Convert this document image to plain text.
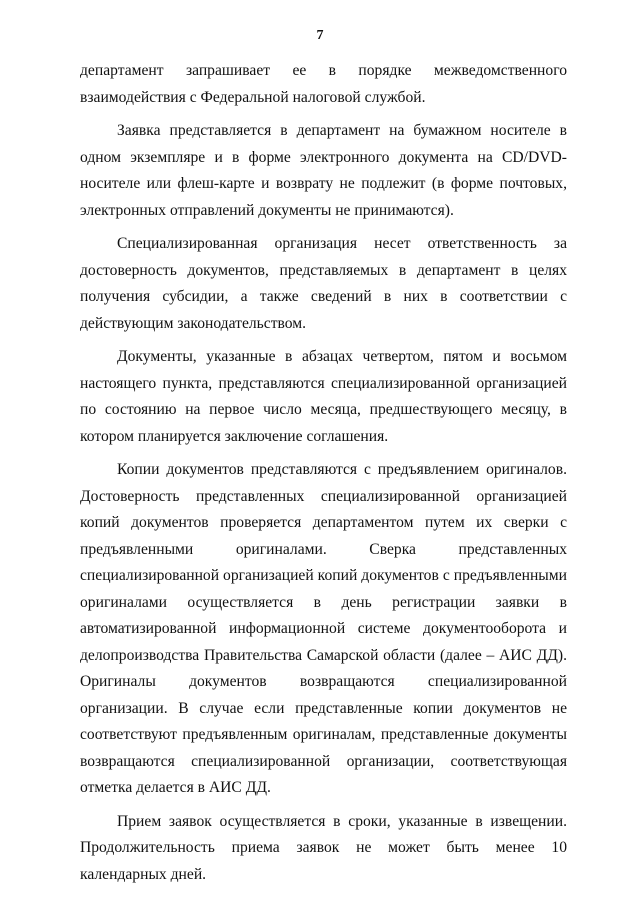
7

департамент запрашивает ее в порядке межведомственного взаимодействия с Федеральной налоговой службой.

Заявка представляется в департамент на бумажном носителе в одном экземпляре и в форме электронного документа на CD/DVD-носителе или флеш-карте и возврату не подлежит (в форме почтовых, электронных отправлений документы не принимаются).

Специализированная организация несет ответственность за достоверность документов, представляемых в департамент в целях получения субсидии, а также сведений в них в соответствии с действующим законодательством.

Документы, указанные в абзацах четвертом, пятом и восьмом настоящего пункта, представляются специализированной организацией по состоянию на первое число месяца, предшествующего месяцу, в котором планируется заключение соглашения.

Копии документов представляются с предъявлением оригиналов. Достоверность представленных специализированной организацией копий документов проверяется департаментом путем их сверки с предъявленными оригиналами. Сверка представленных специализированной организацией копий документов с предъявленными оригиналами осуществляется в день регистрации заявки в автоматизированной информационной системе документооборота и делопроизводства Правительства Самарской области (далее – АИС ДД). Оригиналы документов возвращаются специализированной организации. В случае если представленные копии документов не соответствуют предъявленным оригиналам, представленные документы возвращаются специализированной организации, соответствующая отметка делается в АИС ДД.

Прием заявок осуществляется в сроки, указанные в извещении. Продолжительность приема заявок не может быть менее 10 календарных дней.
